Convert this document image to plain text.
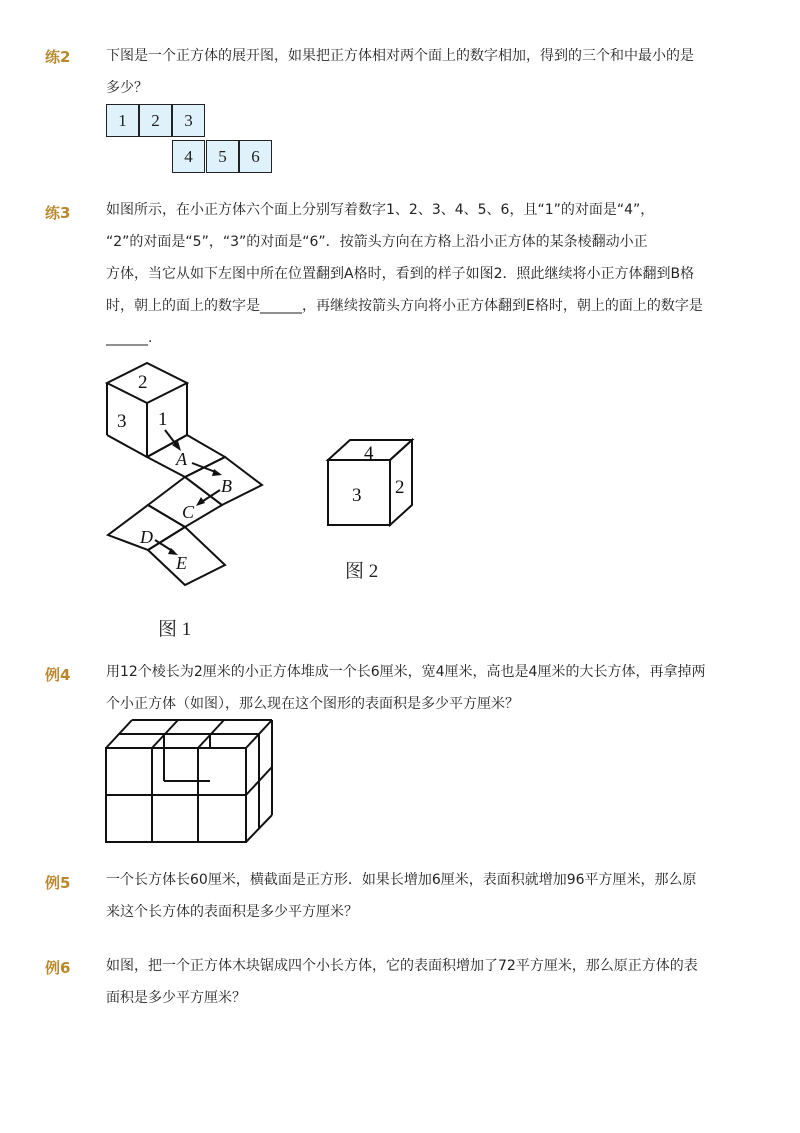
练2	下图是一个正方体的展开图，如果把正方体相对两个面上的数字相加，得到的三个和中最小的是

多少？

1	2	3
4	5	6
练3	如图所示，在小正方体六个面上分别写着数字1、2、3、4、5、6，且“1”的对面是“4”，

“2”的对面是“5”，“3”的对面是“6”．按箭头方向在方格上沿小正方体的某条棱翻动小正

方体，当它从如下左图中所在位置翻到A格时，看到的样子如图2．照此继续将小正方体翻到B格

时，朝上的面上的数字是______，再继续按箭头方向将小正方体翻到E格时，朝上的面上的数字是

______.

2
3 1
A
B
C
D
E
图 1
4
3 2
图 2
例4	用12个棱长为2厘米的小正方体堆成一个长6厘米，宽4厘米，高也是4厘米的大长方体，再拿掉两

个小正方体（如图），那么现在这个图形的表面积是多少平方厘米？

例5	一个长方体长60厘米，横截面是正方形．如果长增加6厘米，表面积就增加96平方厘米，那么原

来这个长方体的表面积是多少平方厘米？

例6	如图，把一个正方体木块锯成四个小长方体，它的表面积增加了72平方厘米，那么原正方体的表

面积是多少平方厘米？
